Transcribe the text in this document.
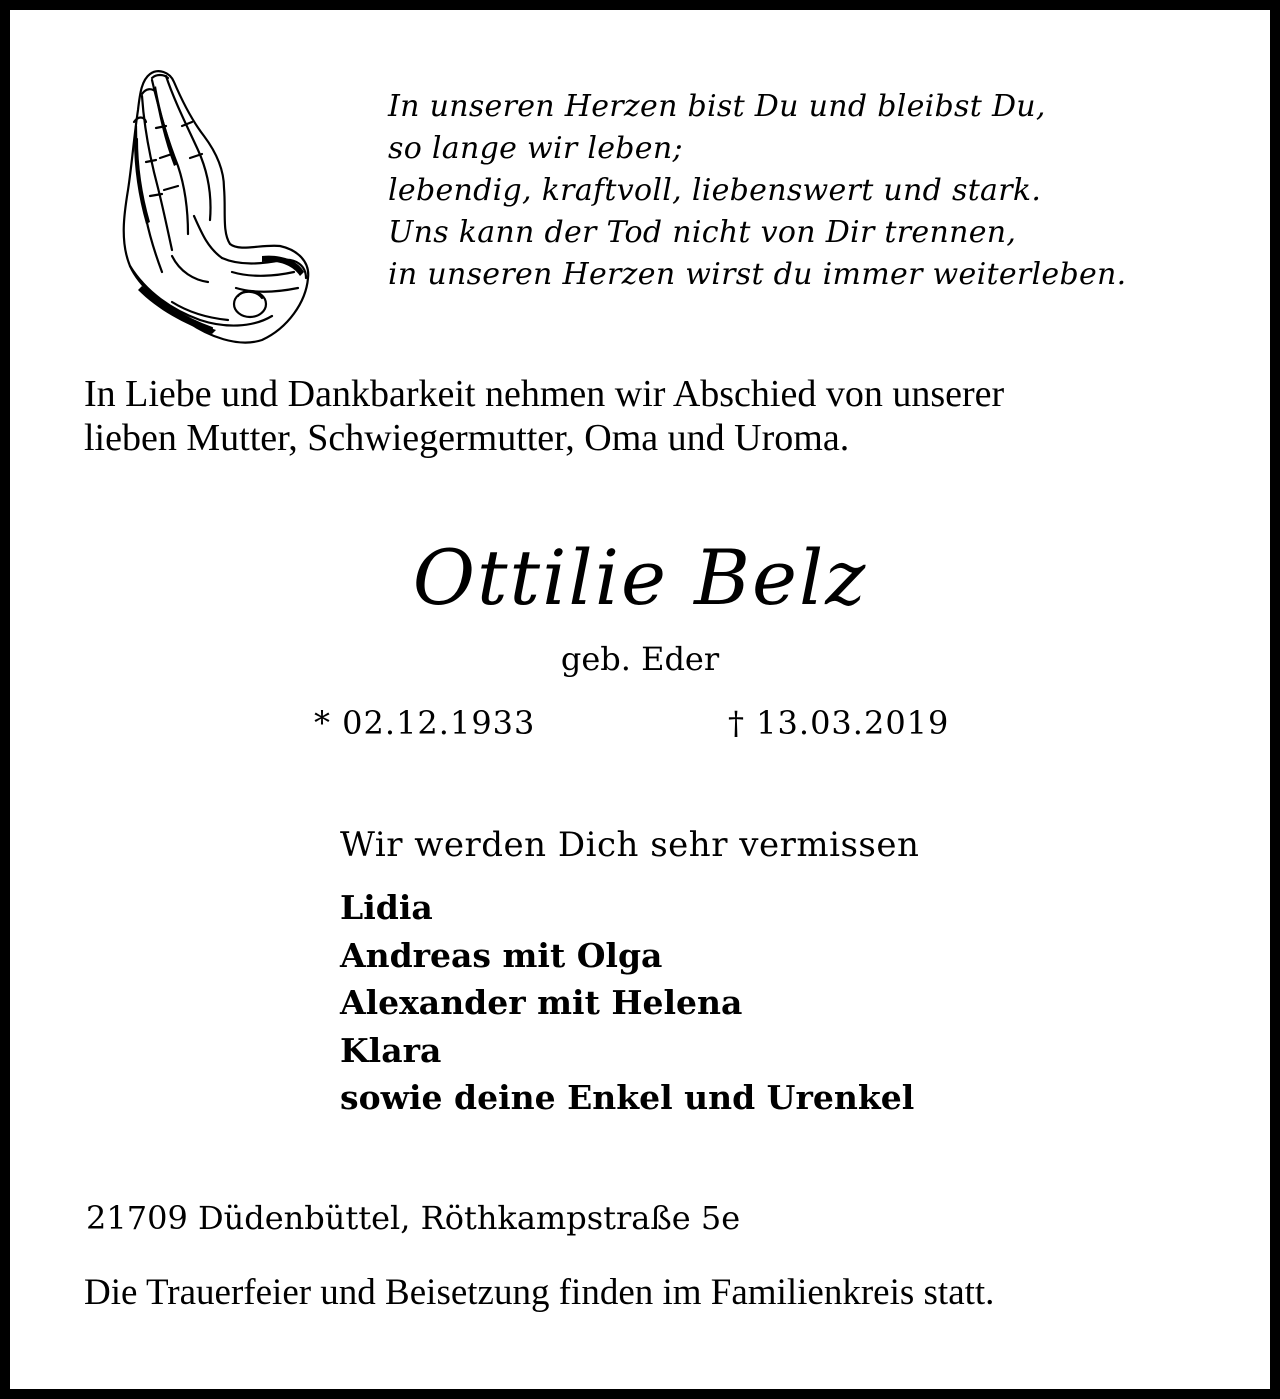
In unseren Herzen bist Du und bleibst Du,
so lange wir leben;
lebendig, kraftvoll, liebenswert und stark.
Uns kann der Tod nicht von Dir trennen,
in unseren Herzen wirst du immer weiterleben.
In Liebe und Dankbarkeit nehmen wir Abschied von unserer
lieben Mutter, Schwiegermutter, Oma und Uroma.
Ottilie Belz
geb. Eder
* 02.12.1933	† 13.03.2019
Wir werden Dich sehr vermissen
Lidia
Andreas mit Olga
Alexander mit Helena
Klara
sowie deine Enkel und Urenkel
21709 Düdenbüttel, Röthkampstraße 5e
Die Trauerfeier und Beisetzung finden im Familienkreis statt.
